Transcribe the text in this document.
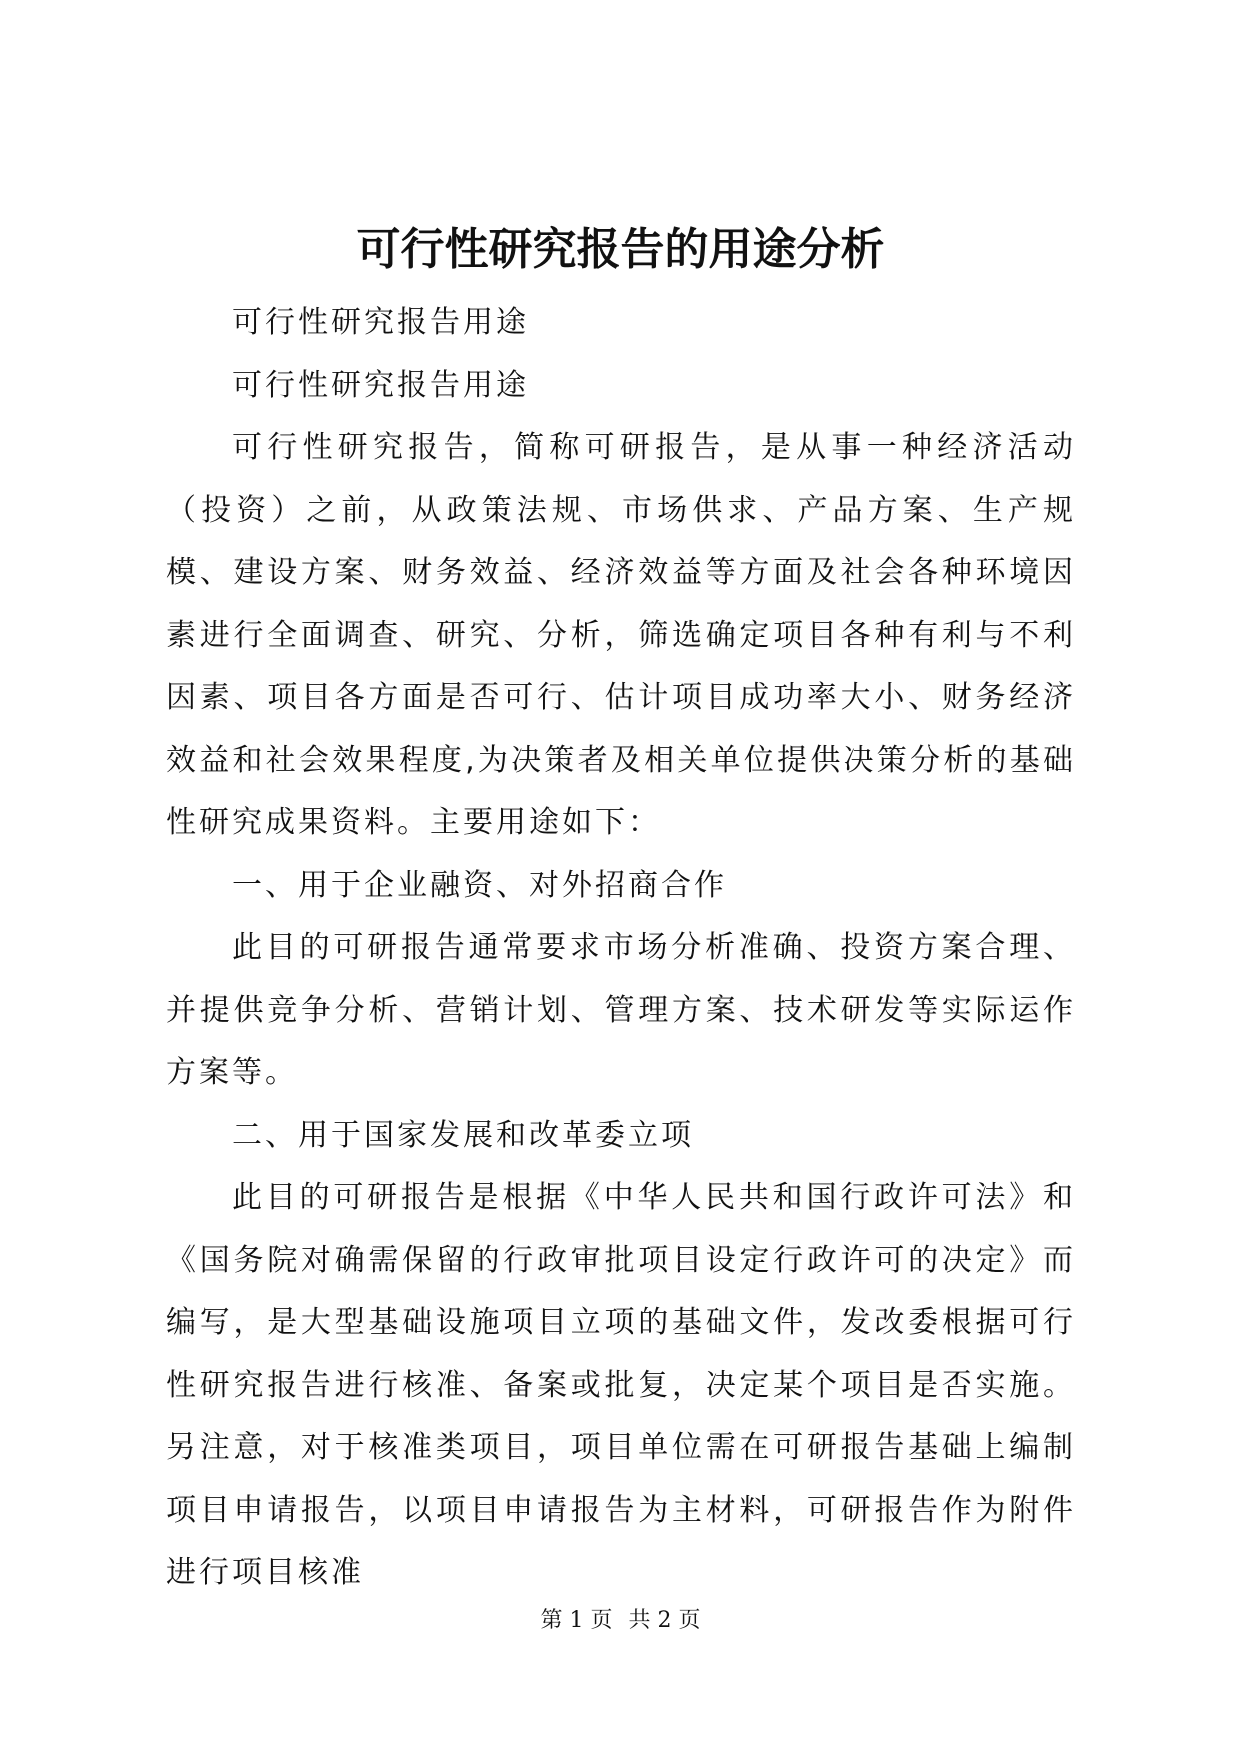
可行性研究报告的用途分析

可行性研究报告用途

可行性研究报告用途

可行性研究报告，简称可研报告，是从事一种经济活动（投资）之前，从政策法规、市场供求、产品方案、生产规模、建设方案、财务效益、经济效益等方面及社会各种环境因素进行全面调查、研究、分析，筛选确定项目各种有利与不利因素、项目各方面是否可行、估计项目成功率大小、财务经济效益和社会效果程度,为决策者及相关单位提供决策分析的基础性研究成果资料。主要用途如下：

一、用于企业融资、对外招商合作

此目的可研报告通常要求市场分析准确、投资方案合理、并提供竞争分析、营销计划、管理方案、技术研发等实际运作方案等。

二、用于国家发展和改革委立项

此目的可研报告是根据《中华人民共和国行政许可法》和《国务院对确需保留的行政审批项目设定行政许可的决定》而编写，是大型基础设施项目立项的基础文件，发改委根据可行性研究报告进行核准、备案或批复，决定某个项目是否实施。另注意，对于核准类项目，项目单位需在可研报告基础上编制项目申请报告，以项目申请报告为主材料，可研报告作为附件进行项目核准

第 1 页 共 2 页
